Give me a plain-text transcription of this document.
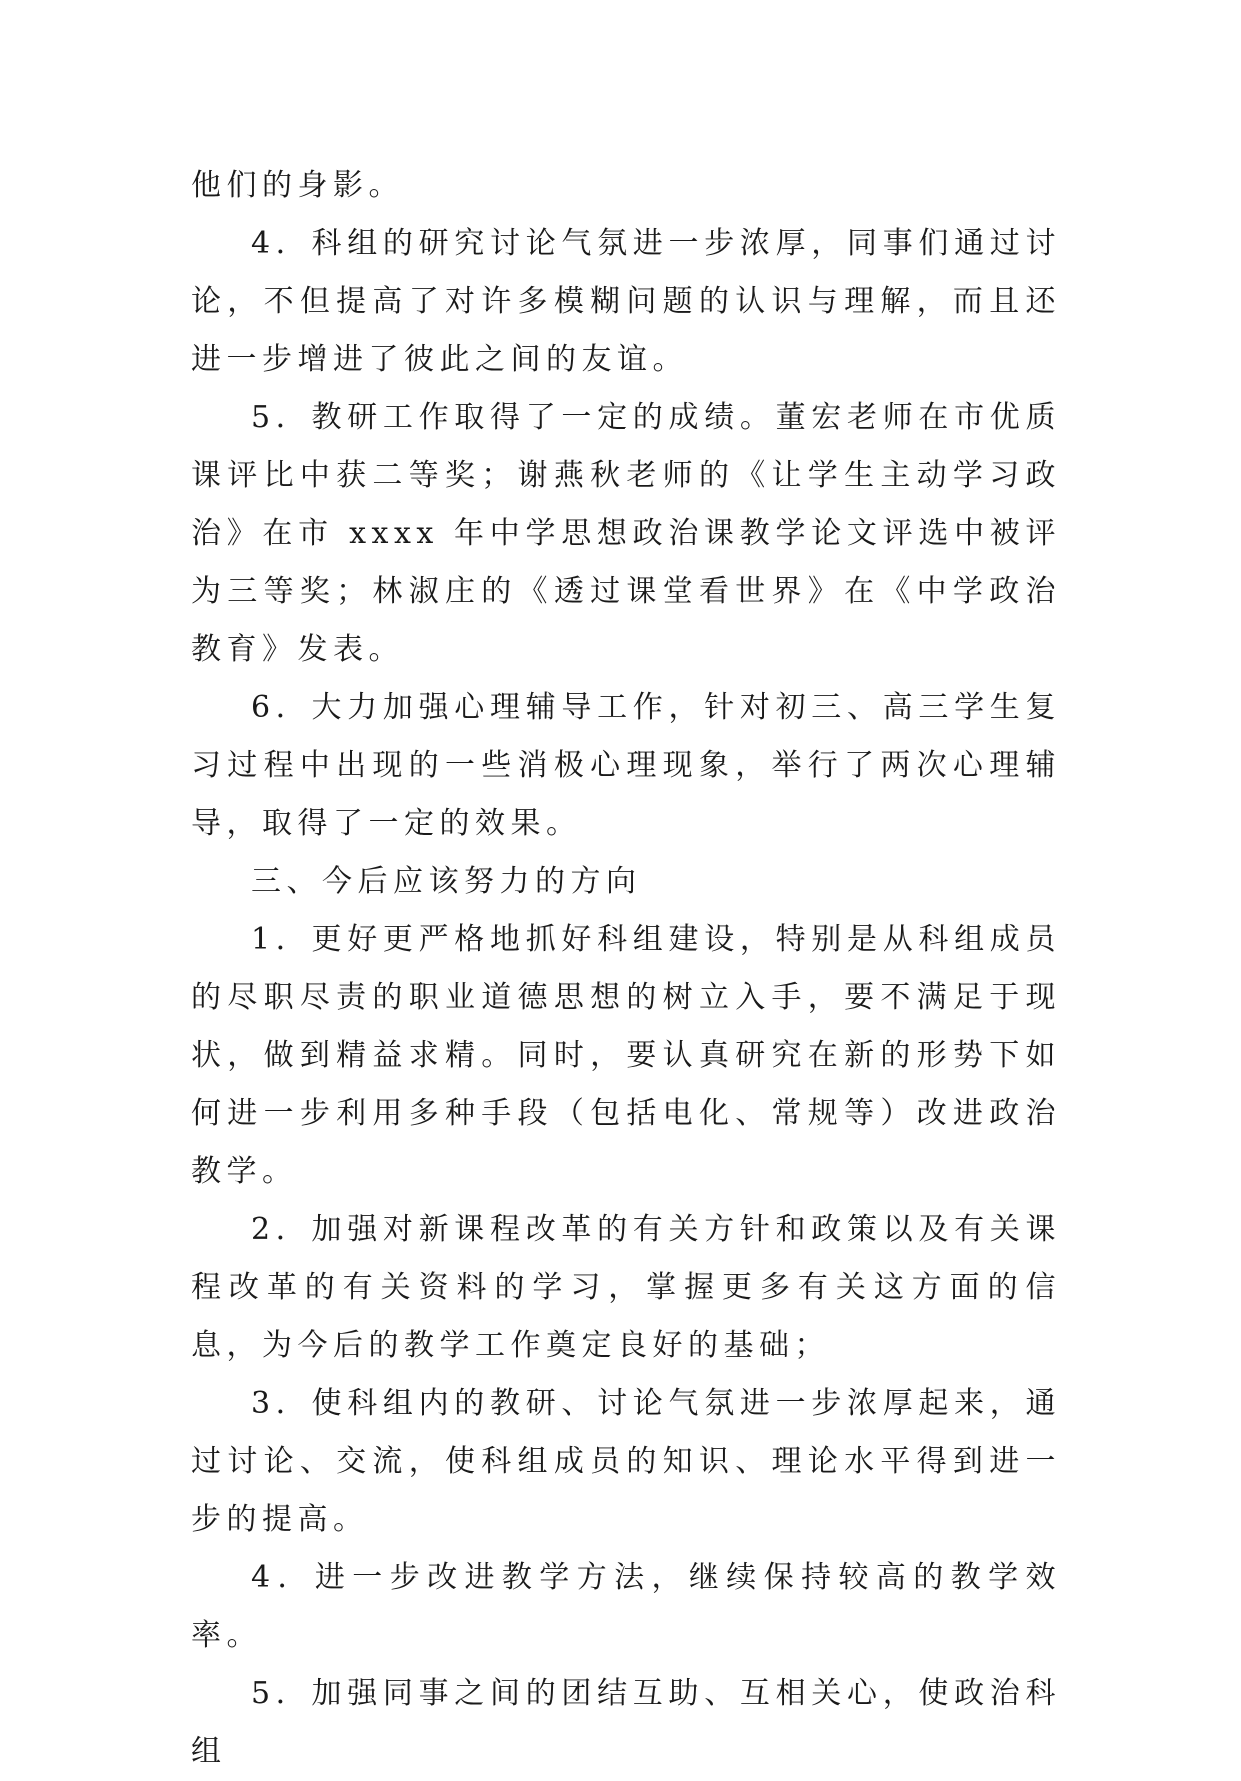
他们的身影。

4．科组的研究讨论气氛进一步浓厚，同事们通过讨论，不但提高了对许多模糊问题的认识与理解，而且还进一步增进了彼此之间的友谊。

5．教研工作取得了一定的成绩。董宏老师在市优质课评比中获二等奖；谢燕秋老师的《让学生主动学习政治》在市 xxxx 年中学思想政治课教学论文评选中被评为三等奖；林淑庄的《透过课堂看世界》在《中学政治教育》发表。

6．大力加强心理辅导工作，针对初三、高三学生复习过程中出现的一些消极心理现象，举行了两次心理辅导，取得了一定的效果。

三、今后应该努力的方向

1．更好更严格地抓好科组建设，特别是从科组成员的尽职尽责的职业道德思想的树立入手，要不满足于现状，做到精益求精。同时，要认真研究在新的形势下如何进一步利用多种手段（包括电化、常规等）改进政治教学。

2．加强对新课程改革的有关方针和政策以及有关课程改革的有关资料的学习，掌握更多有关这方面的信息，为今后的教学工作奠定良好的基础；

3．使科组内的教研、讨论气氛进一步浓厚起来，通过讨论、交流，使科组成员的知识、理论水平得到进一步的提高。

4．进一步改进教学方法，继续保持较高的教学效率。

5．加强同事之间的团结互助、互相关心，使政治科组
